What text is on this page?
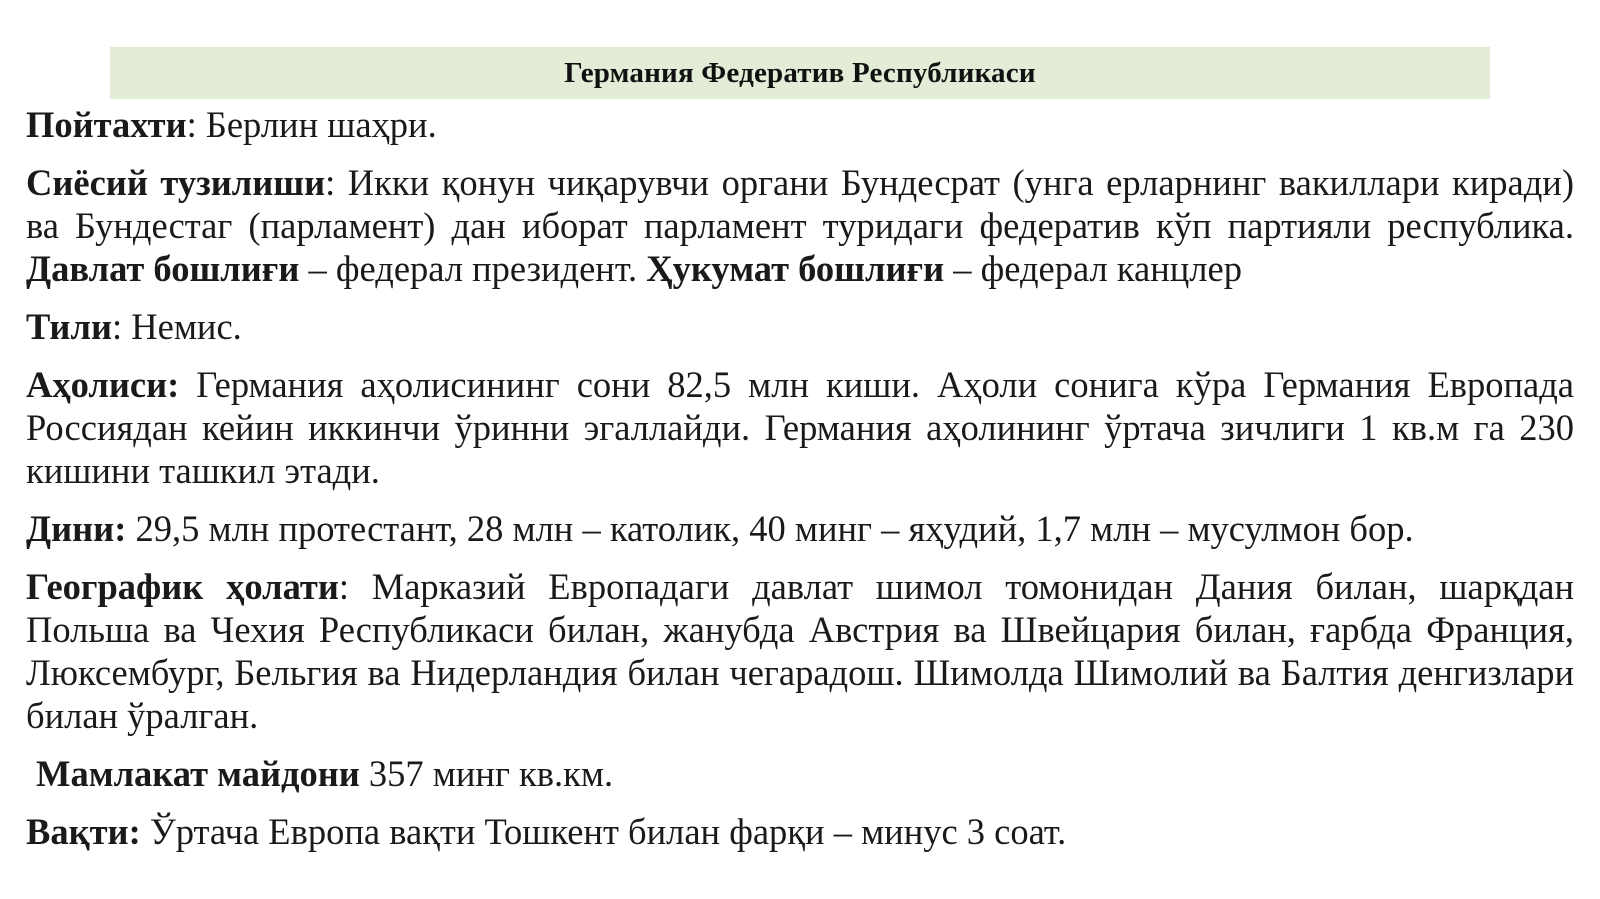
Германия Федератив Республикаси

Пойтахти: Берлин шаҳри.

Сиёсий тузилиши: Икки қонун чиқарувчи органи Бундесрат (унга ерларнинг вакиллари киради) ва Бундестаг (парламент) дан иборат парламент туридаги федератив кўп партияли республика. Давлат бошлиғи – федерал президент. Ҳукумат бошлиғи – федерал канцлер

Тили: Немис.

Аҳолиси: Германия аҳолисининг сони 82,5 млн киши. Аҳоли сонига кўра Германия Европада Россиядан кейин иккинчи ўринни эгаллайди. Германия аҳолининг ўртача зичлиги 1 кв.м га 230 кишини ташкил этади.

Дини: 29,5 млн протестант, 28 млн – католик, 40 минг – яҳудий, 1,7 млн – мусулмон бор.

Географик ҳолати: Марказий Европадаги давлат шимол томонидан Дания билан, шарқдан Польша ва Чехия Республикаси билан, жанубда Австрия ва Швейцария билан, ғарбда Франция, Люксембург, Бельгия ва Нидерландия билан чегарадош. Шимолда Шимолий ва Балтия денгизлари билан ўралган.

Мамлакат майдони 357 минг кв.км.

Вақти: Ўртача Европа вақти Тошкент билан фарқи – минус 3 соат.
